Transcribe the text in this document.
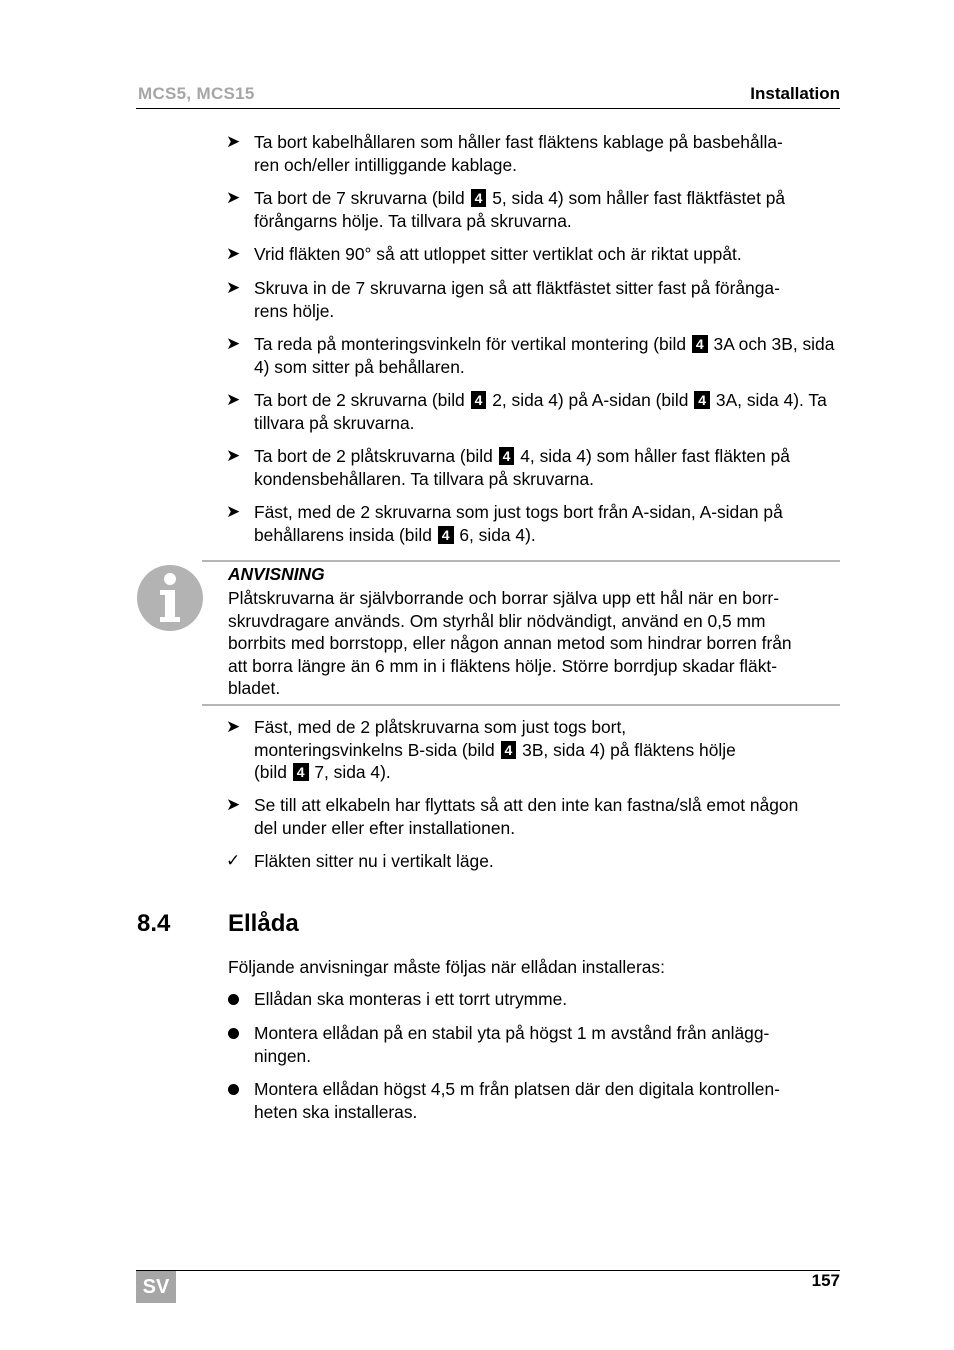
MCS5, MCS15	Installation
➤ Ta bort kabelhållaren som håller fast fläktens kablage på basbehålla-
ren och/eller intilliggande kablage.
➤ Ta bort de 7 skruvarna (bild 4 5, sida 4) som håller fast fläktfästet på förångarns hölje. Ta tillvara på skruvarna.
➤ Vrid fläkten 90° så att utloppet sitter vertiklat och är riktat uppåt.
➤ Skruva in de 7 skruvarna igen så att fläktfästet sitter fast på förånga-
rens hölje.
➤ Ta reda på monteringsvinkeln för vertikal montering (bild 4 3A och 3B, sida 4) som sitter på behållaren.
➤ Ta bort de 2 skruvarna (bild 4 2, sida 4) på A-sidan (bild 4 3A, sida 4). Ta tillvara på skruvarna.
➤ Ta bort de 2 plåtskruvarna (bild 4 4, sida 4) som håller fast fläkten på kondensbehållaren. Ta tillvara på skruvarna.
➤ Fäst, med de 2 skruvarna som just togs bort från A-sidan, A-sidan på behållarens insida (bild 4 6, sida 4).
ANVISNING
Plåtskruvarna är självborrande och borrar själva upp ett hål när en borr-
skruvdragare används. Om styrhål blir nödvändigt, använd en 0,5 mm
borrbits med borrstopp, eller någon annan metod som hindrar borren från
att borra längre än 6 mm in i fläktens hölje. Större borrdjup skadar fläkt-
bladet.
➤ Fäst, med de 2 plåtskruvarna som just togs bort,
monteringsvinkelns B-sida (bild 4 3B, sida 4) på fläktens hölje
(bild 4 7, sida 4).
➤ Se till att elkabeln har flyttats så att den inte kan fastna/slå emot någon
del under eller efter installationen.
✓ Fläkten sitter nu i vertikalt läge.
8.4 Ellåda
Följande anvisningar måste följas när ellådan installeras:
Ellådan ska monteras i ett torrt utrymme.
Montera ellådan på en stabil yta på högst 1 m avstånd från anlägg-
ningen.
Montera ellådan högst 4,5 m från platsen där den digitala kontrollen-
heten ska installeras.
SV	157
